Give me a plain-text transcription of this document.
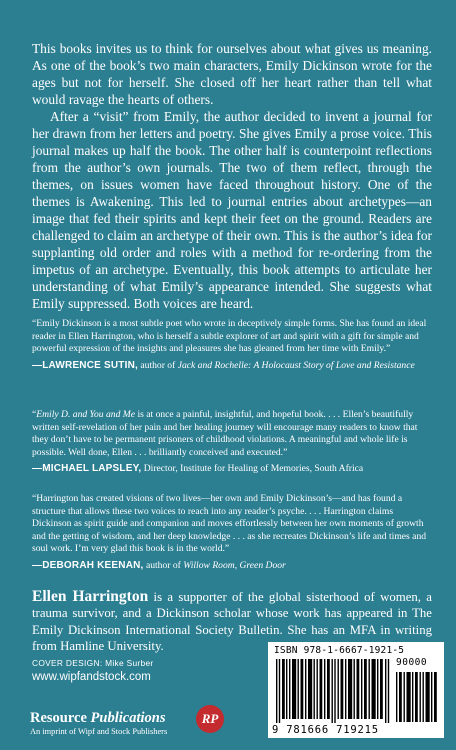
This books invites us to think for ourselves about what gives us meaning. As one of the book’s two main characters, Emily Dickinson wrote for the ages but not for herself. She closed off her heart rather than tell what would ravage the hearts of others.

After a “visit” from Emily, the author decided to invent a journal for her drawn from her letters and poetry. She gives Emily a prose voice. This journal makes up half the book. The other half is counterpoint reflections from the author’s own journals. The two of them reflect, through the themes, on issues women have faced throughout history. One of the themes is Awakening. This led to journal entries about archetypes—an image that fed their spirits and kept their feet on the ground. Readers are challenged to claim an archetype of their own. This is the author’s idea for supplanting old order and roles with a method for re-ordering from the impetus of an archetype. Eventually, this book attempts to articulate her understanding of what Emily’s appearance intended. She suggests what Emily suppressed. Both voices are heard.

“Emily Dickinson is a most subtle poet who wrote in deceptively simple forms. She has found an ideal reader in Ellen Harrington, who is herself a subtle explorer of art and spirit with a gift for simple and powerful expression of the insights and pleasures she has gleaned from her time with Emily.”
—LAWRENCE SUTIN, author of Jack and Rochelle: A Holocaust Story of Love and Resistance
“Emily D. and You and Me is at once a painful, insightful, and hopeful book. . . . Ellen’s beautifully written self-revelation of her pain and her healing journey will encourage many readers to know that they don’t have to be permanent prisoners of childhood violations. A meaningful and whole life is possible. Well done, Ellen . . . brilliantly conceived and executed.”
—MICHAEL LAPSLEY, Director, Institute for Healing of Memories, South Africa
“Harrington has created visions of two lives—her own and Emily Dickinson’s—and has found a structure that allows these two voices to reach into any reader’s psyche. . . . Harrington claims Dickinson as spirit guide and companion and moves effortlessly between her own moments of growth and the getting of wisdom, and her deep knowledge . . . as she recreates Dickinson’s life and times and soul work. I’m very glad this book is in the world.”
—DEBORAH KEENAN, author of Willow Room, Green Door
Ellen Harrington is a supporter of the global sisterhood of women, a trauma survivor, and a Dickinson scholar whose work has appeared in The Emily Dickinson International Society Bulletin. She has an MFA in writing from Hamline University.
COVER DESIGN: Mike Surber
www.wipfandstock.com
Resource Publications
An imprint of Wipf and Stock Publishers
RP
ISBN 978-1-6667-1921-5
90000
9 781666 719215
